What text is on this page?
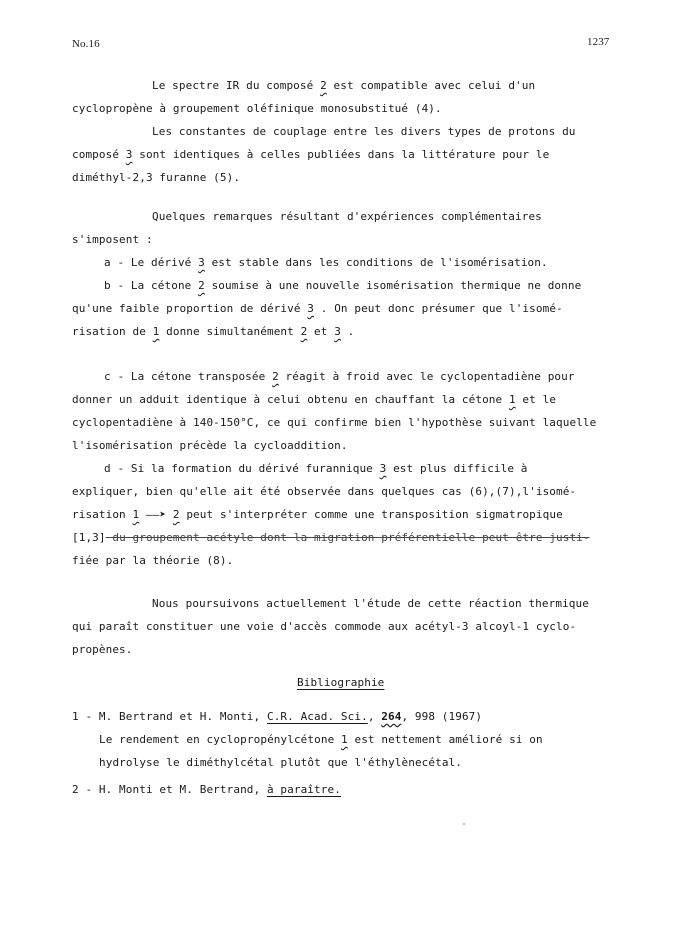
No.16	1237
Le spectre IR du composé 2 est compatible avec celui d'un
cyclopropène à groupement oléfinique monosubstitué (4).
Les constantes de couplage entre les divers types de protons du
composé 3 sont identiques à celles publiées dans la littérature pour le
diméthyl-2,3 furanne (5).
Quelques remarques résultant d'expériences complémentaires
s'imposent :
a - Le dérivé 3 est stable dans les conditions de l'isomérisation.
b - La cétone 2 soumise à une nouvelle isomérisation thermique ne donne
qu'une faible proportion de dérivé 3 . On peut donc présumer que l'isomé-
risation de 1 donne simultanément 2 et 3 .
c - La cétone transposée 2 réagit à froid avec le cyclopentadiène pour
donner un adduit identique à celui obtenu en chauffant la cétone 1 et le
cyclopentadiène à 140-150°C, ce qui confirme bien l'hypothèse suivant laquelle
l'isomérisation précède la cycloaddition.
d - Si la formation du dérivé furannique 3 est plus difficile à
expliquer, bien qu'elle ait été observée dans quelques cas (6),(7),l'isomé-
risation 1 ——➤ 2 peut s'interpréter comme une transposition sigmatropique
[1,3] du groupement acétyle dont la migration préférentielle peut être justi-
fiée par la théorie (8).
Nous poursuivons actuellement l'étude de cette réaction thermique
qui paraît constituer une voie d'accès commode aux acétyl-3 alcoyl-1 cyclo-
propènes.
Bibliographie
1 - M. Bertrand et H. Monti, C.R. Acad. Sci., 264, 998 (1967)
Le rendement en cyclopropénylcétone 1 est nettement amélioré si on
hydrolyse le diméthylcétal plutôt que l'éthylènecétal.
2 - H. Monti et M. Bertrand, à paraître.
